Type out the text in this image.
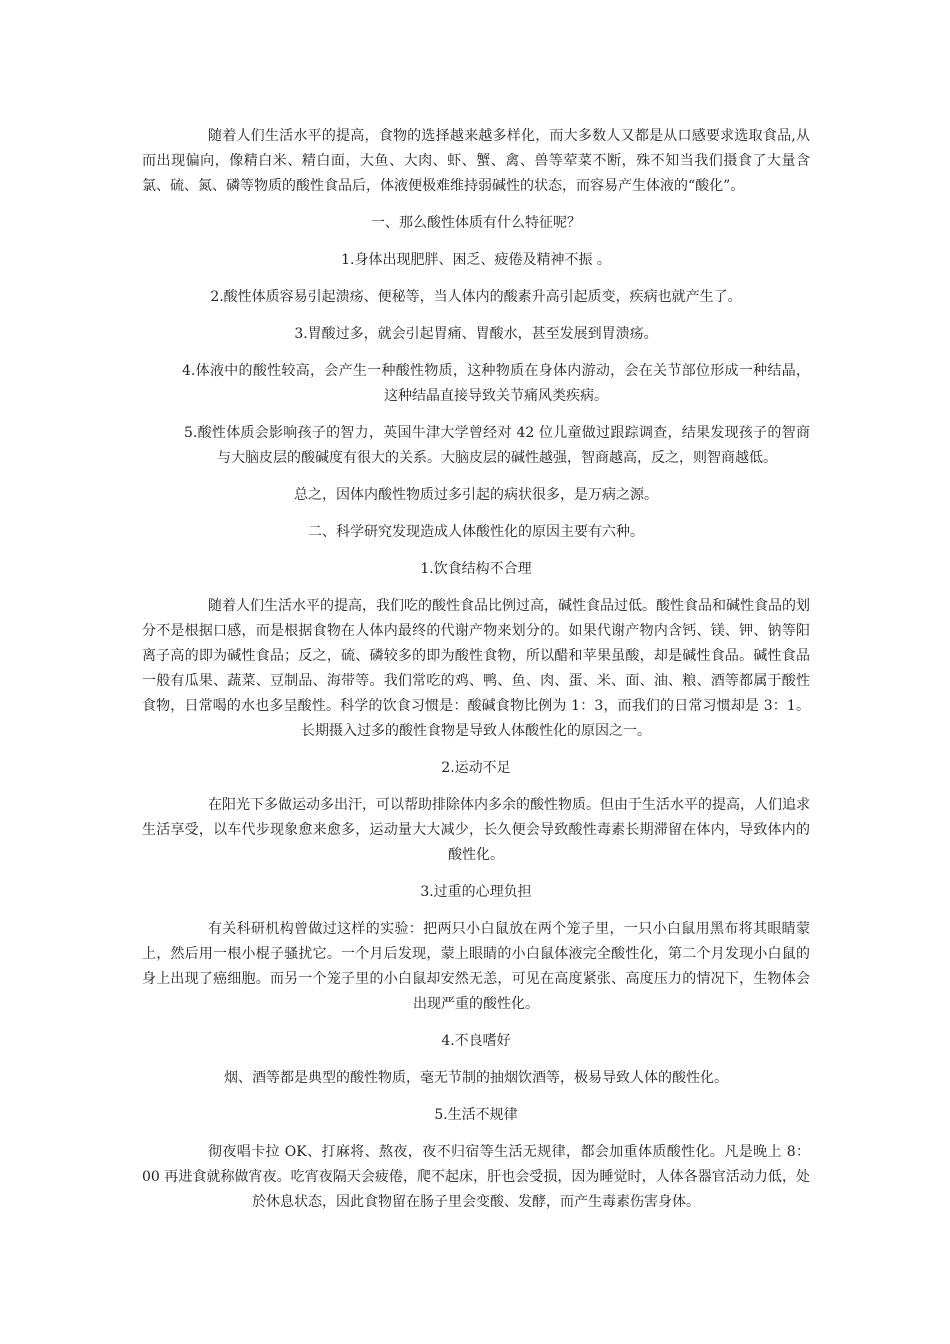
随着人们生活水平的提高，食物的选择越来越多样化，而大多数人又都是从口感要求选取食品,从而出现偏向，像精白米、精白面，大鱼、大肉、虾、蟹、禽、兽等荤菜不断，殊不知当我们摄食了大量含氯、硫、氮、磷等物质的酸性食品后，体液便极难维持弱碱性的状态，而容易产生体液的“酸化”。

一、那么酸性体质有什么特征呢？

1.身体出现肥胖、困乏、疲倦及精神不振 。

2.酸性体质容易引起溃疡、便秘等，当人体内的酸素升高引起质变，疾病也就产生了。

3.胃酸过多，就会引起胃痛、胃酸水，甚至发展到胃溃疡。

4.体液中的酸性较高，会产生一种酸性物质，这种物质在身体内游动，会在关节部位形成一种结晶，这种结晶直接导致关节痛风类疾病。

5.酸性体质会影响孩子的智力，英国牛津大学曾经对 42 位儿童做过跟踪调查，结果发现孩子的智商与大脑皮层的酸碱度有很大的关系。大脑皮层的碱性越强，智商越高，反之，则智商越低。

总之，因体内酸性物质过多引起的病状很多，是万病之源。

二、科学研究发现造成人体酸性化的原因主要有六种。

1.饮食结构不合理

随着人们生活水平的提高，我们吃的酸性食品比例过高，碱性食品过低。酸性食品和碱性食品的划分不是根据口感，而是根据食物在人体内最终的代谢产物来划分的。如果代谢产物内含钙、镁、钾、钠等阳离子高的即为碱性食品；反之，硫、磷较多的即为酸性食物，所以醋和苹果虽酸，却是碱性食品。碱性食品一般有瓜果、蔬菜、豆制品、海带等。我们常吃的鸡、鸭、鱼、肉、蛋、米、面、油、粮、酒等都属于酸性食物，日常喝的水也多呈酸性。科学的饮食习惯是：酸碱食物比例为 1：3，而我们的日常习惯却是 3：1。长期摄入过多的酸性食物是导致人体酸性化的原因之一。

2.运动不足

在阳光下多做运动多出汗，可以帮助排除体内多余的酸性物质。但由于生活水平的提高，人们追求生活享受，以车代步现象愈来愈多，运动量大大减少，长久便会导致酸性毒素长期滞留在体内，导致体内的酸性化。

3.过重的心理负担

有关科研机构曾做过这样的实验：把两只小白鼠放在两个笼子里，一只小白鼠用黑布将其眼睛蒙上，然后用一根小棍子骚扰它。一个月后发现，蒙上眼睛的小白鼠体液完全酸性化，第二个月发现小白鼠的身上出现了癌细胞。而另一个笼子里的小白鼠却安然无恙，可见在高度紧张、高度压力的情况下，生物体会出现严重的酸性化。

4.不良嗜好

烟、酒等都是典型的酸性物质，毫无节制的抽烟饮酒等，极易导致人体的酸性化。

5.生活不规律

彻夜唱卡拉 OK、打麻将、熬夜，夜不归宿等生活无规律，都会加重体质酸性化。凡是晚上 8：00 再进食就称做宵夜。吃宵夜隔天会疲倦，爬不起床，肝也会受损，因为睡觉时，人体各器官活动力低，处於休息状态，因此食物留在肠子里会变酸、发酵，而产生毒素伤害身体。
